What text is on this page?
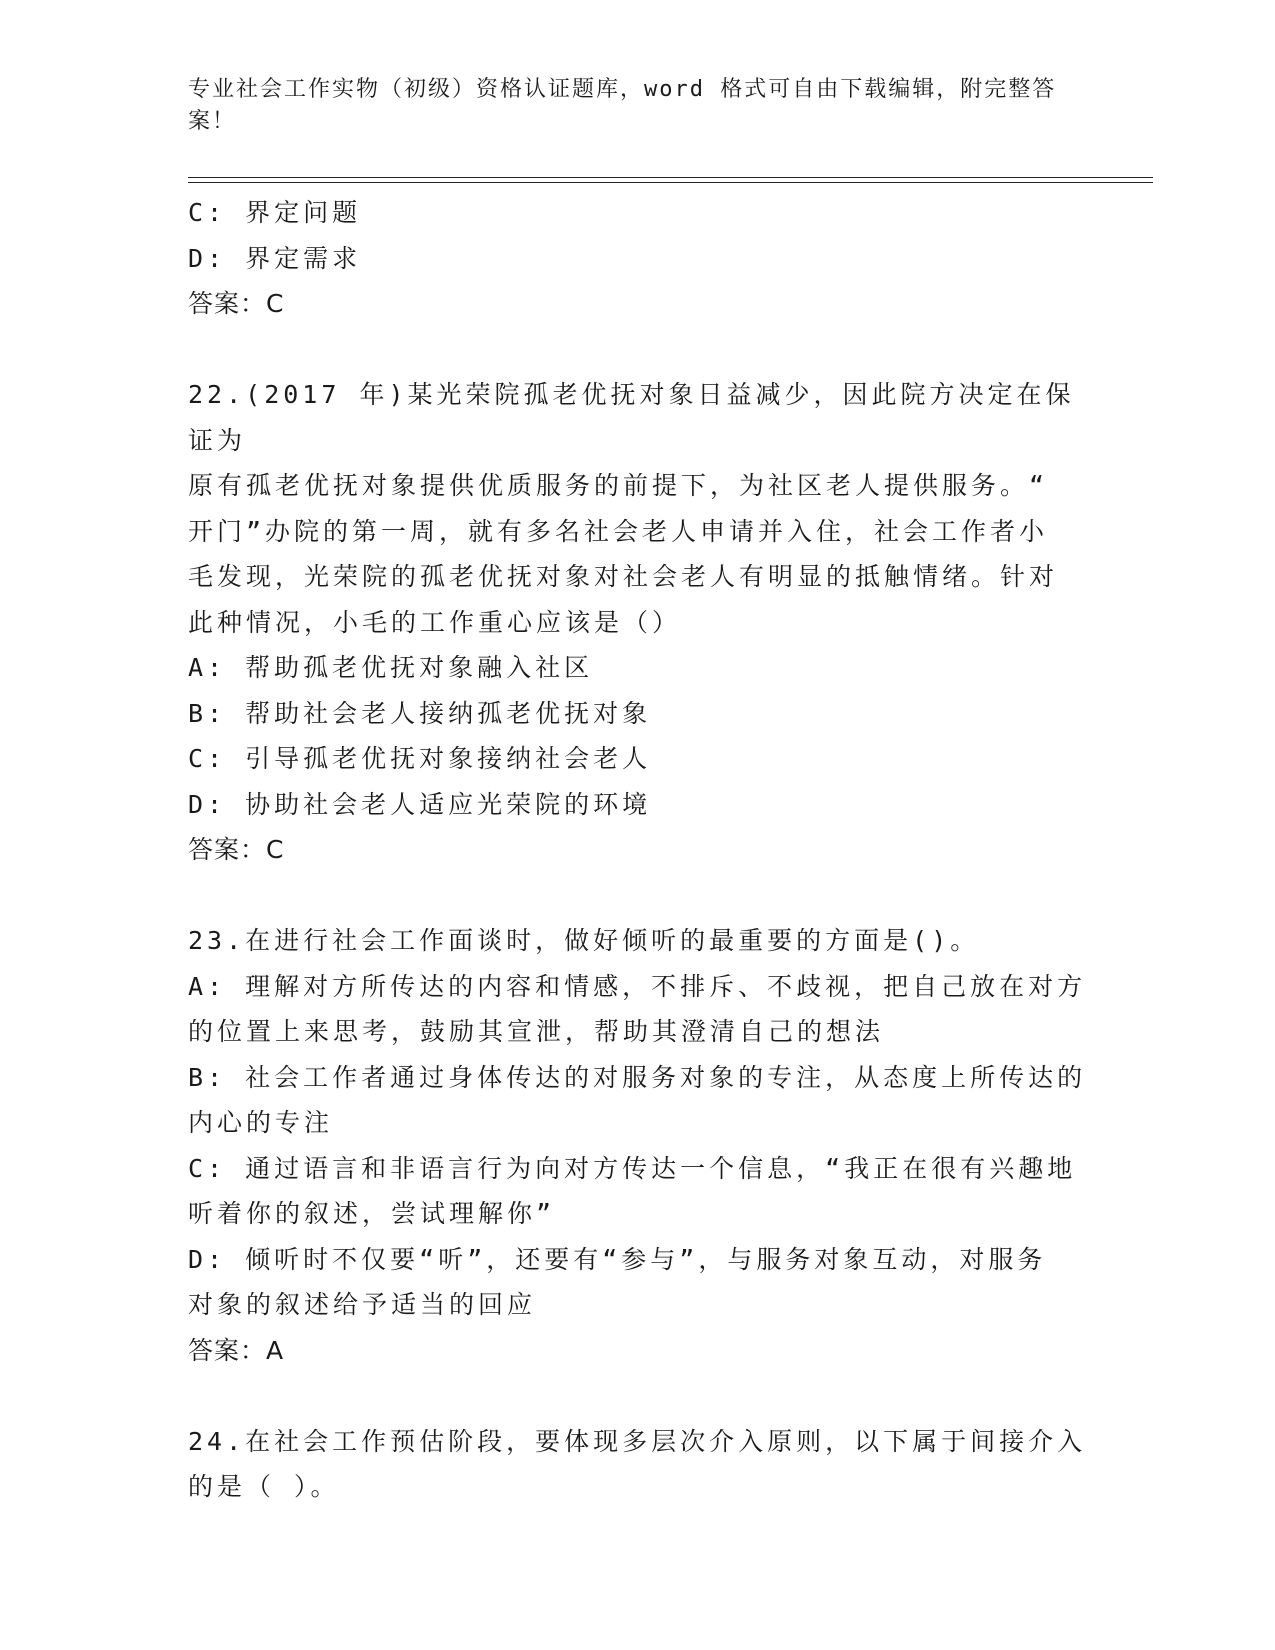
专业社会工作实物（初级）资格认证题库，word 格式可自由下载编辑，附完整答案！
C: 界定问题
D: 界定需求
答案：C
22.(2017 年)某光荣院孤老优抚对象日益减少，因此院方决定在保证为
原有孤老优抚对象提供优质服务的前提下，为社区老人提供服务。“
开门”办院的第一周，就有多名社会老人申请并入住，社会工作者小
毛发现，光荣院的孤老优抚对象对社会老人有明显的抵触情绪。针对
此种情况，小毛的工作重心应该是（）
A: 帮助孤老优抚对象融入社区
B: 帮助社会老人接纳孤老优抚对象
C: 引导孤老优抚对象接纳社会老人
D: 协助社会老人适应光荣院的环境
答案：C
23.在进行社会工作面谈时，做好倾听的最重要的方面是()。
A: 理解对方所传达的内容和情感，不排斥、不歧视，把自己放在对方
的位置上来思考，鼓励其宣泄，帮助其澄清自己的想法
B: 社会工作者通过身体传达的对服务对象的专注，从态度上所传达的
内心的专注
C: 通过语言和非语言行为向对方传达一个信息，“我正在很有兴趣地
听着你的叙述，尝试理解你”
D: 倾听时不仅要“听”，还要有“参与”，与服务对象互动，对服务
对象的叙述给予适当的回应
答案：A
24.在社会工作预估阶段，要体现多层次介入原则，以下属于间接介入
的是（ ）。
